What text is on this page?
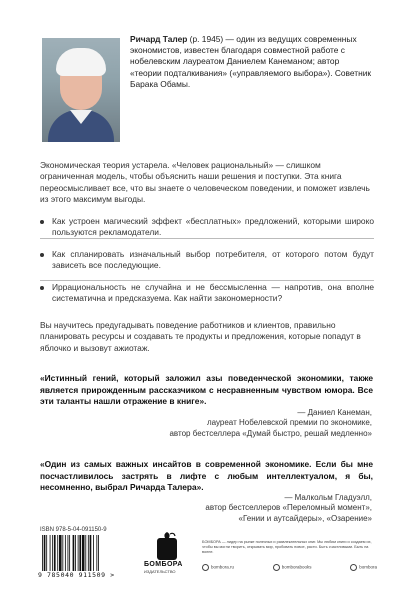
Ричард Талер (р. 1945) — один из ведущих современных экономистов, известен благодаря совместной работе с нобелевским лауреатом Даниелем Канеманом; автор «теории подталкивания» («управляемого выбора»). Советник Барака Обамы.
Экономическая теория устарела. «Человек рациональный» — слишком ограниченная модель, чтобы объяснить наши решения и поступки. Эта книга переосмысливает все, что вы знаете о человеческом поведении, и поможет извлечь из этого максимум выгоды.
Как устроен магический эффект «бесплатных» предложений, которыми широко пользуются рекламодатели.
Как спланировать изначальный выбор потребителя, от которого потом будут зависеть все последующие.
Иррациональность не случайна и не бессмысленна — напротив, она вполне систематична и предсказуема. Как найти закономерности?
Вы научитесь предугадывать поведение работников и клиентов, правильно планировать ресурсы и создавать те продукты и предложения, которые попадут в яблочко и вызовут ажиотаж.
«Истинный гений, который заложил азы поведенческой экономики, также является прирожденным рассказчиком с несравненным чувством юмора. Все эти таланты нашли отражение в книге».
— Даниел Канеман,
лауреат Нобелевской премии по экономике,
автор бестселлера «Думай быстро, решай медленно»
«Один из самых важных инсайтов в современной экономике. Если бы мне посчастливилось застрять в лифте с любым интеллектуалом, я бы, несомненно, выбрал Ричарда Талера».
— Малкольм Гладуэлл,
автор бестселлеров «Переломный момент»,
«Гении и аутсайдеры», «Озарение»
ISBN 978-5-04-091150-9
9 785040 911509 >
БОМБОРА
ИЗДАТЕЛЬСТВО
БОМБОРА — лидер на рынке полезных и развлекательных книг. Мы любим книги и создаем их, чтобы вы могли творить, открывать мир, пробовать новое, расти. Быть счастливыми. Быть на волне.
bombora.ru	bomborabooks	bombora
